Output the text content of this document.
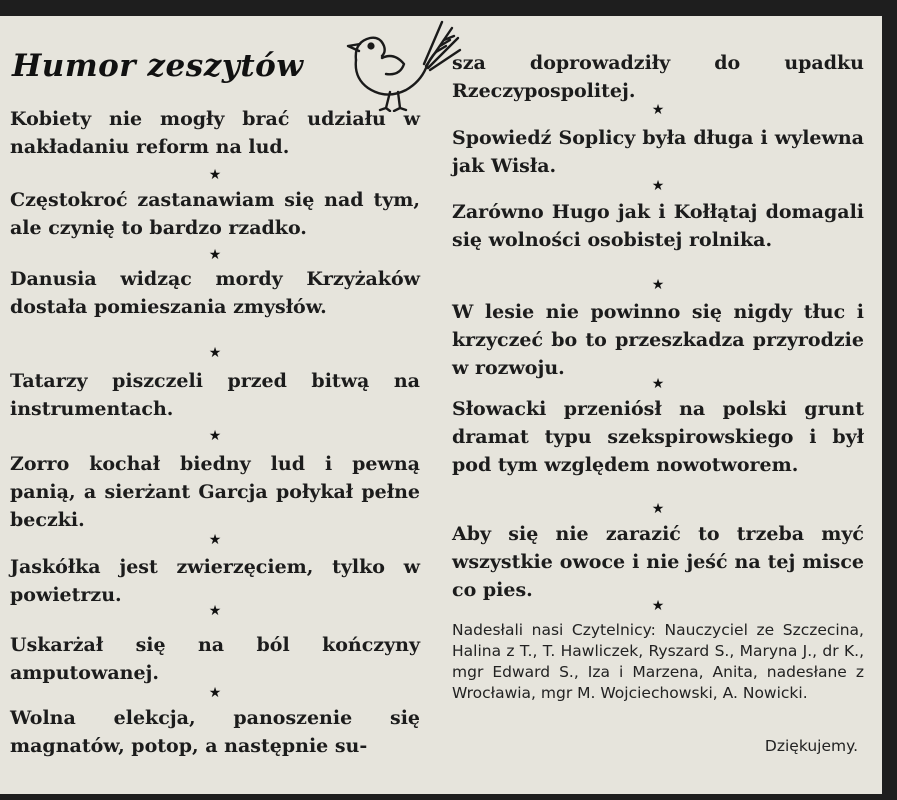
Humor zeszytów

Kobiety nie mogły brać udziału w nakładaniu reform na lud.

★

Częstokroć zastanawiam się nad tym, ale czynię to bardzo rzadko.

★

Danusia widząc mordy Krzyżaków dostała pomieszania zmysłów.

★

Tatarzy piszczeli przed bitwą na instrumentach.

★

Zorro kochał biedny lud i pewną panią, a sierżant Garcja połykał pełne beczki.

★

Jaskółka jest zwierzęciem, tylko w powietrzu.

★

Uskarżał się na ból kończyny amputowanej.

★

Wolna elekcja, panoszenie się magnatów, potop, a następnie su-

sza doprowadziły do upadku Rzeczypospolitej.

★

Spowiedź Soplicy była długa i wylewna jak Wisła.

★

Zarówno Hugo jak i Kołłątaj domagali się wolności osobistej rolnika.

★

W lesie nie powinno się nigdy tłuc i krzyczeć bo to przeszkadza przyrodzie w rozwoju.

★

Słowacki przeniósł na polski grunt dramat typu szekspirowskiego i był pod tym względem nowotworem.

★

Aby się nie zarazić to trzeba myć wszystkie owoce i nie jeść na tej misce co pies.

★

Nadesłali nasi Czytelnicy: Nauczyciel ze Szczecina, Halina z T., T. Hawliczek, Ryszard S., Maryna J., dr K., mgr Edward S., Iza i Marzena, Anita, nadesłane z Wrocławia, mgr M. Wojciechowski, A. Nowicki.

Dziękujemy.
